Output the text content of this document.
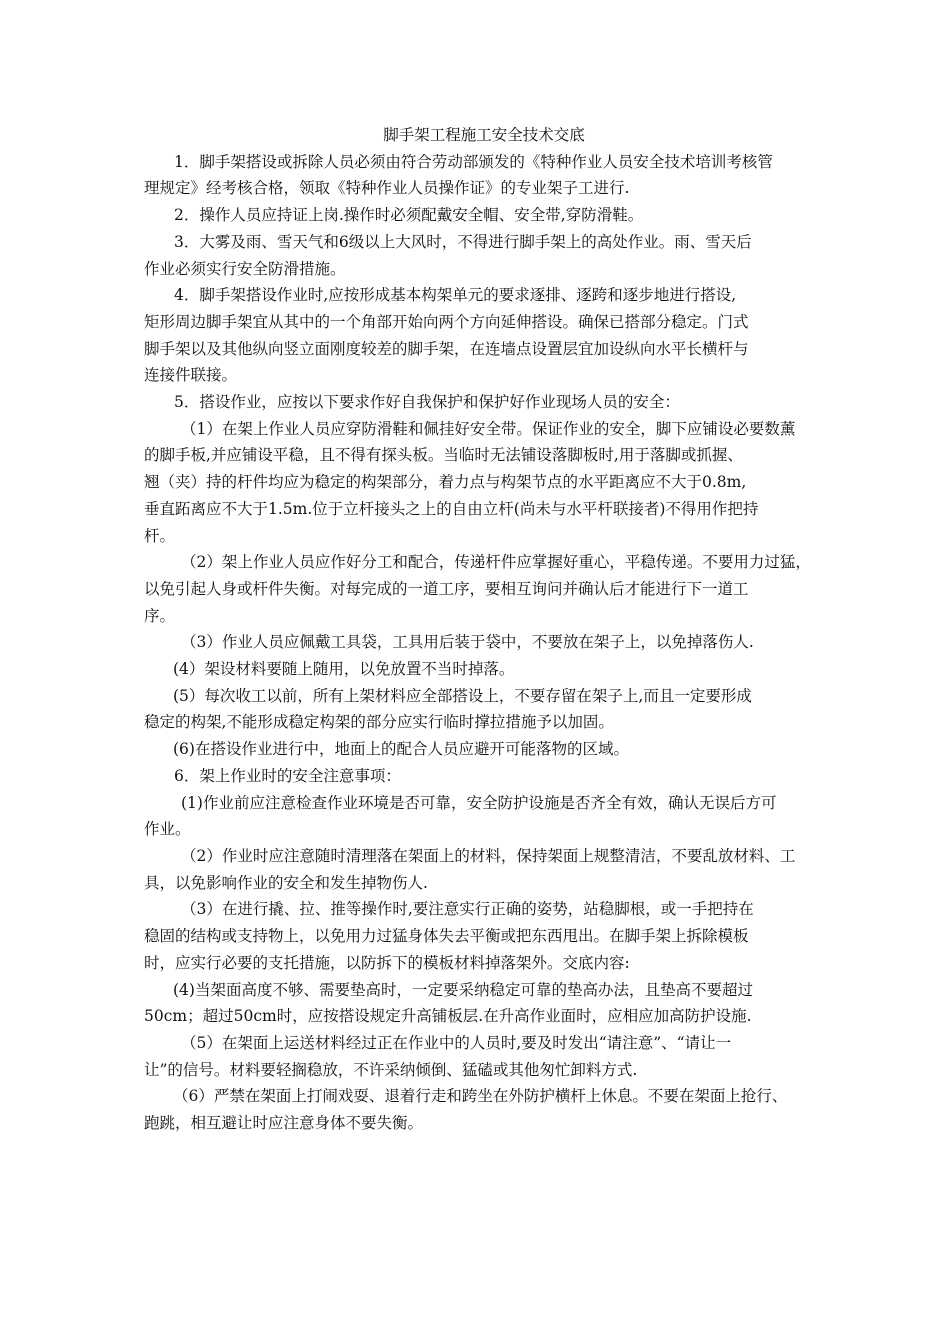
脚手架工程施工安全技术交底

1．脚手架搭设或拆除人员必须由符合劳动部颁发的《特种作业人员安全技术培训考核管

理规定》经考核合格，领取《特种作业人员操作证》的专业架子工进行.

2．操作人员应持证上岗.操作时必须配戴安全帽、安全带,穿防滑鞋。

3．大雾及雨、雪天气和6级以上大风时，不得进行脚手架上的高处作业。雨、雪天后

作业必须实行安全防滑措施。

4．脚手架搭设作业时,应按形成基本构架单元的要求逐排、逐跨和逐步地进行搭设,

矩形周边脚手架宜从其中的一个角部开始向两个方向延伸搭设。确保已搭部分稳定。门式

脚手架以及其他纵向竖立面刚度较差的脚手架，在连墙点设置层宜加设纵向水平长横杆与

连接件联接。

5．搭设作业，应按以下要求作好自我保护和保护好作业现场人员的安全：

（1）在架上作业人员应穿防滑鞋和佩挂好安全带。保证作业的安全，脚下应铺设必要数薰

的脚手板,并应铺设平稳，且不得有探头板。当临时无法铺设落脚板时,用于落脚或抓握、

翘（夹）持的杆件均应为稳定的构架部分，着力点与构架节点的水平距离应不大于0.8m,

垂直跖离应不大于1.5m.位于立杆接头之上的自由立杆(尚未与水平杆联接者)不得用作把持

杆。

（2）架上作业人员应作好分工和配合，传递杆件应掌握好重心，平稳传递。不要用力过猛，

以免引起人身或杆件失衡。对每完成的一道工序，要相互询问并确认后才能进行下一道工

序。

（3）作业人员应佩戴工具袋，工具用后装于袋中，不要放在架子上，以免掉落伤人.

(4）架设材料要随上随用，以免放置不当时掉落。

(5）每次收工以前，所有上架材料应全部搭设上，不要存留在架子上,而且一定要形成

稳定的构架,不能形成稳定构架的部分应实行临时撑拉措施予以加固。

(6)在搭设作业进行中，地面上的配合人员应避开可能落物的区域。

6．架上作业时的安全注意事项：

(1)作业前应注意检查作业环境是否可靠，安全防护设施是否齐全有效，确认无误后方可

作业。

（2）作业时应注意随时清理落在架面上的材料，保持架面上规整清洁，不要乱放材料、工

具，以免影响作业的安全和发生掉物伤人.

（3）在进行撬、拉、推等操作时,要注意实行正确的姿势，站稳脚根，或一手把持在

稳固的结构或支持物上，以免用力过猛身体失去平衡或把东西甩出。在脚手架上拆除模板

时，应实行必要的支托措施，以防拆下的模板材料掉落架外。交底内容:

(4)当架面高度不够、需要垫高时，一定要采纳稳定可靠的垫高办法，且垫高不要超过

50cm；超过50cm时，应按搭设规定升高铺板层.在升高作业面时，应相应加高防护设施.

（5）在架面上运送材料经过正在作业中的人员时,要及时发出“请注意”、“请让一

让”的信号。材料要轻搁稳放，不许采纳倾倒、猛磕或其他匆忙卸料方式.

（6）严禁在架面上打闹戏耍、退着行走和跨坐在外防护横杆上休息。不要在架面上抢行、

跑跳，相互避让时应注意身体不要失衡。
